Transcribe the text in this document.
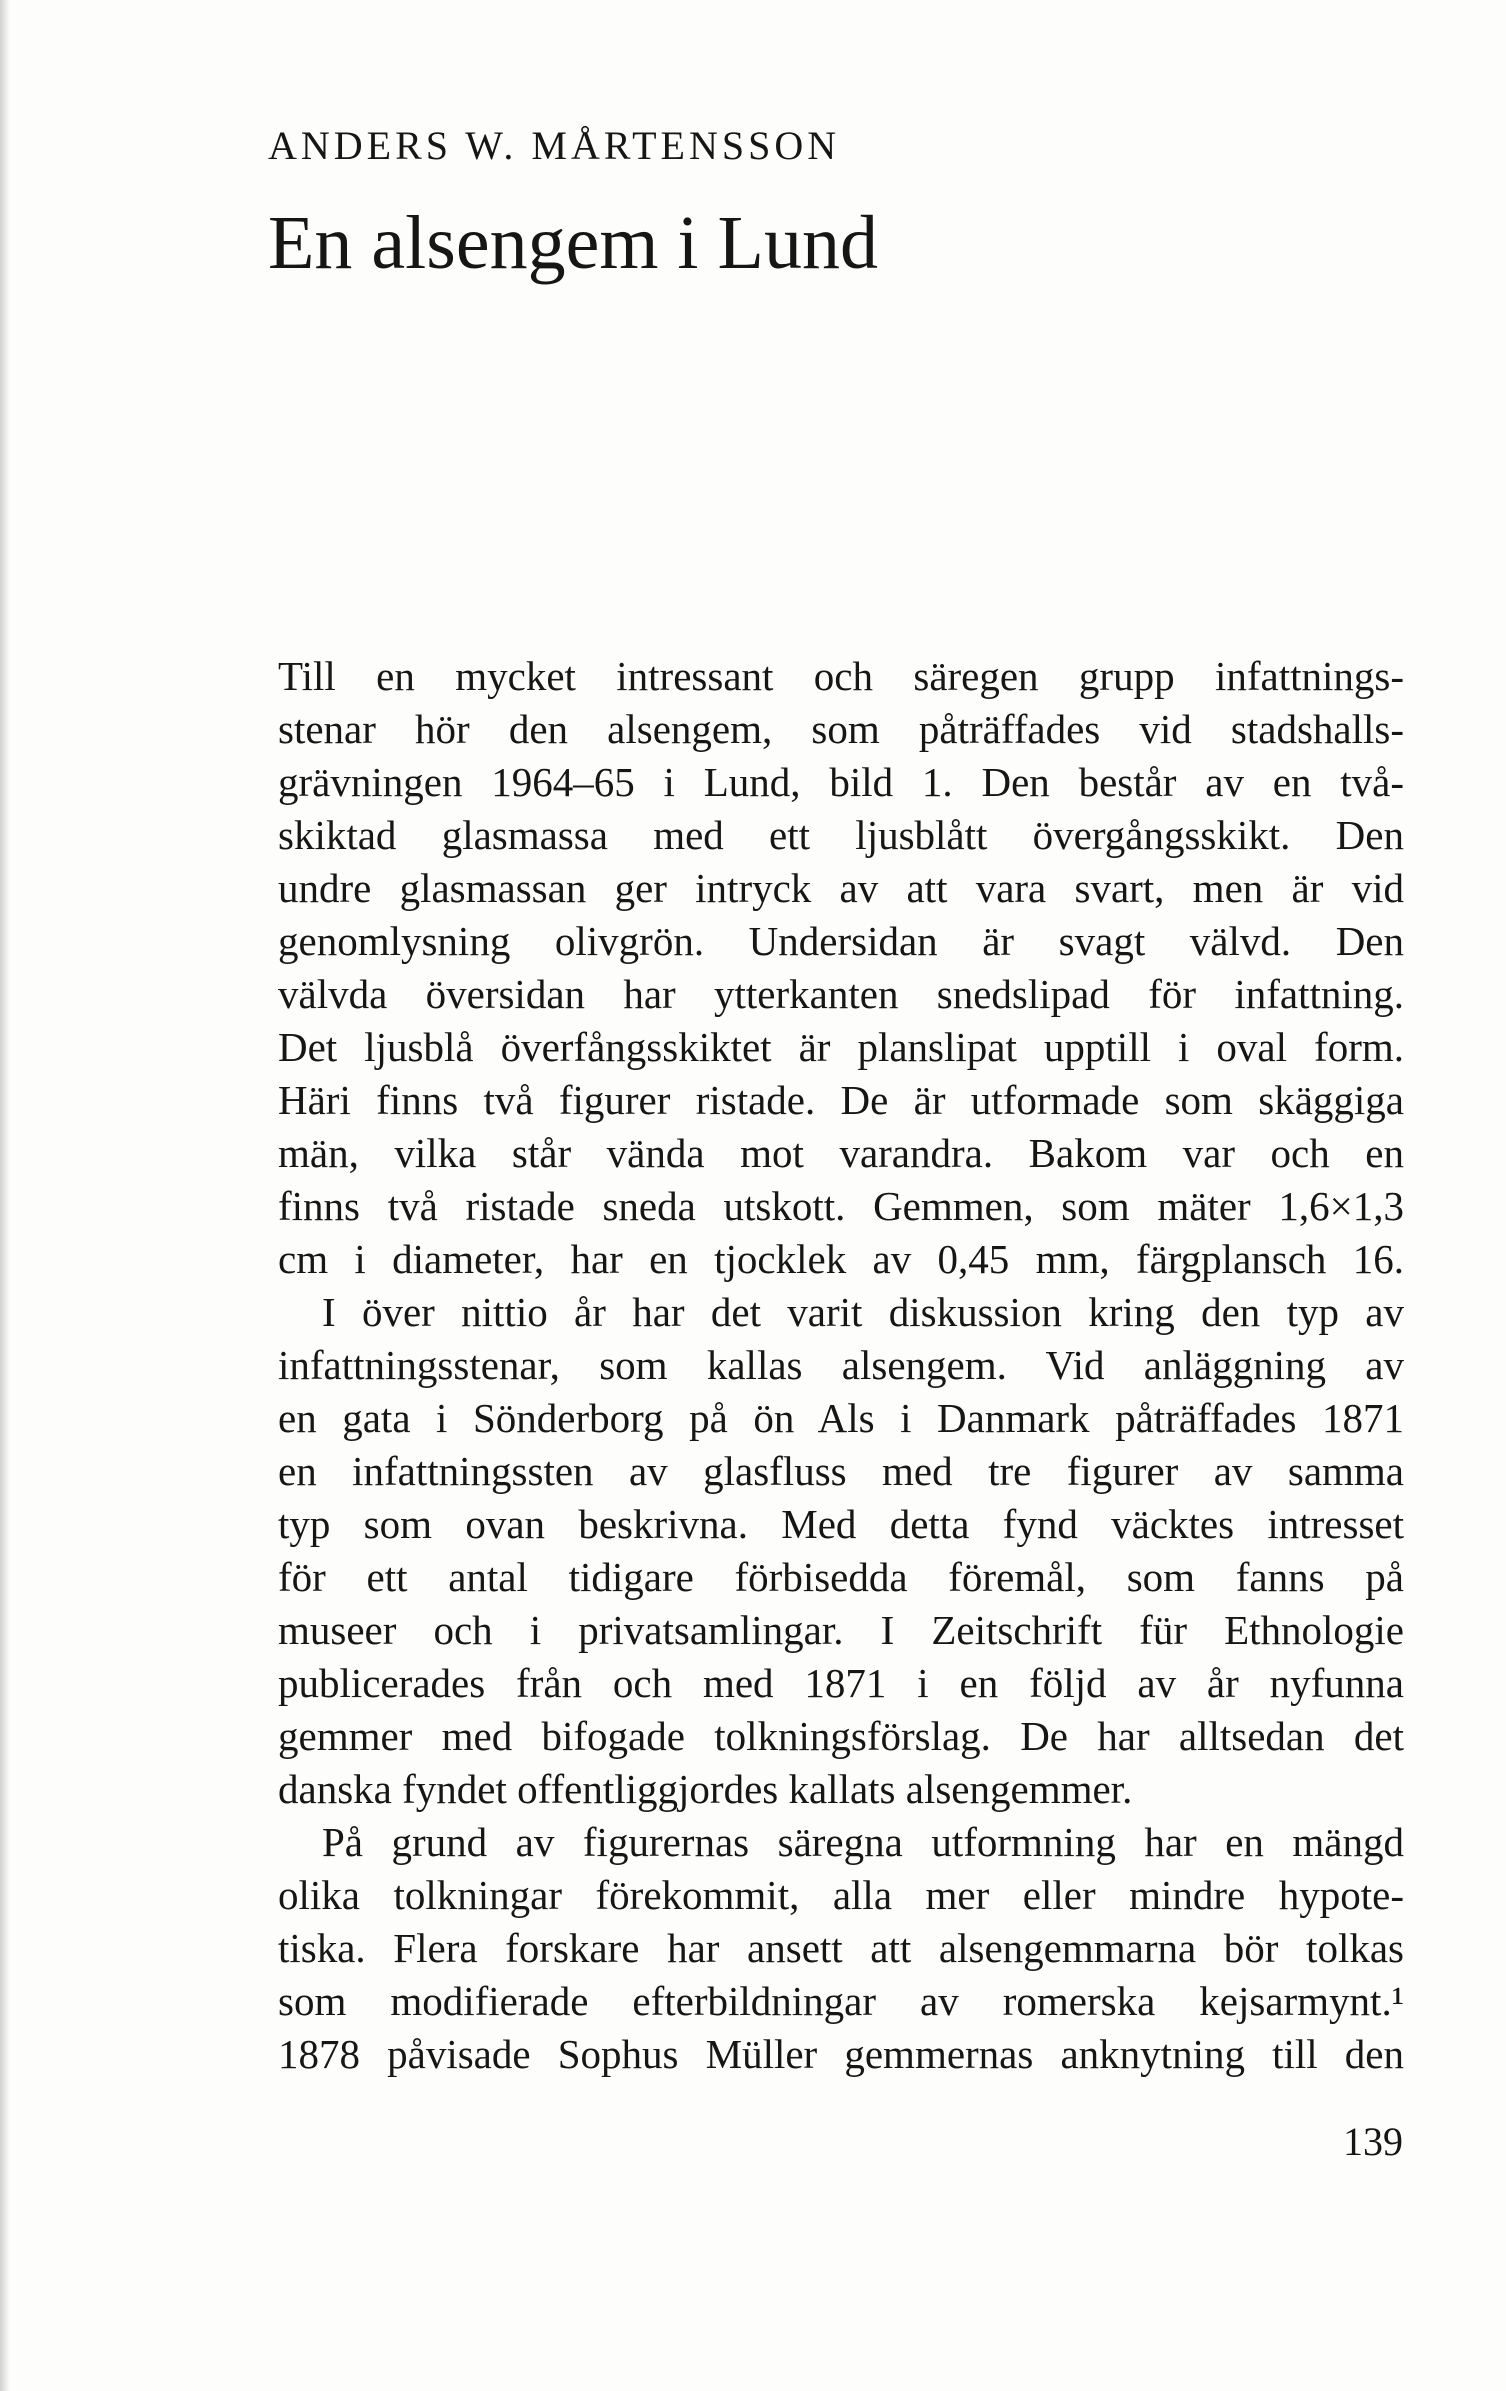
ANDERS W. MÅRTENSSON
En alsengem i Lund
Till en mycket intressant och säregen grupp infattnings-
stenar hör den alsengem, som påträffades vid stadshalls-
grävningen 1964–65 i Lund, bild 1. Den består av en två-
skiktad glasmassa med ett ljusblått övergångsskikt. Den
undre glasmassan ger intryck av att vara svart, men är vid
genomlysning olivgrön. Undersidan är svagt välvd. Den
välvda översidan har ytterkanten snedslipad för infattning.
Det ljusblå överfångsskiktet är planslipat upptill i oval form.
Häri finns två figurer ristade. De är utformade som skäggiga
män, vilka står vända mot varandra. Bakom var och en
finns två ristade sneda utskott. Gemmen, som mäter 1,6×1,3
cm i diameter, har en tjocklek av 0,45 mm, färgplansch 16.
I över nittio år har det varit diskussion kring den typ av
infattningsstenar, som kallas alsengem. Vid anläggning av
en gata i Sönderborg på ön Als i Danmark påträffades 1871
en infattningssten av glasfluss med tre figurer av samma
typ som ovan beskrivna. Med detta fynd väcktes intresset
för ett antal tidigare förbisedda föremål, som fanns på
museer och i privatsamlingar. I Zeitschrift für Ethnologie
publicerades från och med 1871 i en följd av år nyfunna
gemmer med bifogade tolkningsförslag. De har alltsedan det
danska fyndet offentliggjordes kallats alsengemmer.
På grund av figurernas säregna utformning har en mängd
olika tolkningar förekommit, alla mer eller mindre hypote-
tiska. Flera forskare har ansett att alsengemmarna bör tolkas
som modifierade efterbildningar av romerska kejsarmynt.¹
1878 påvisade Sophus Müller gemmernas anknytning till den
139
